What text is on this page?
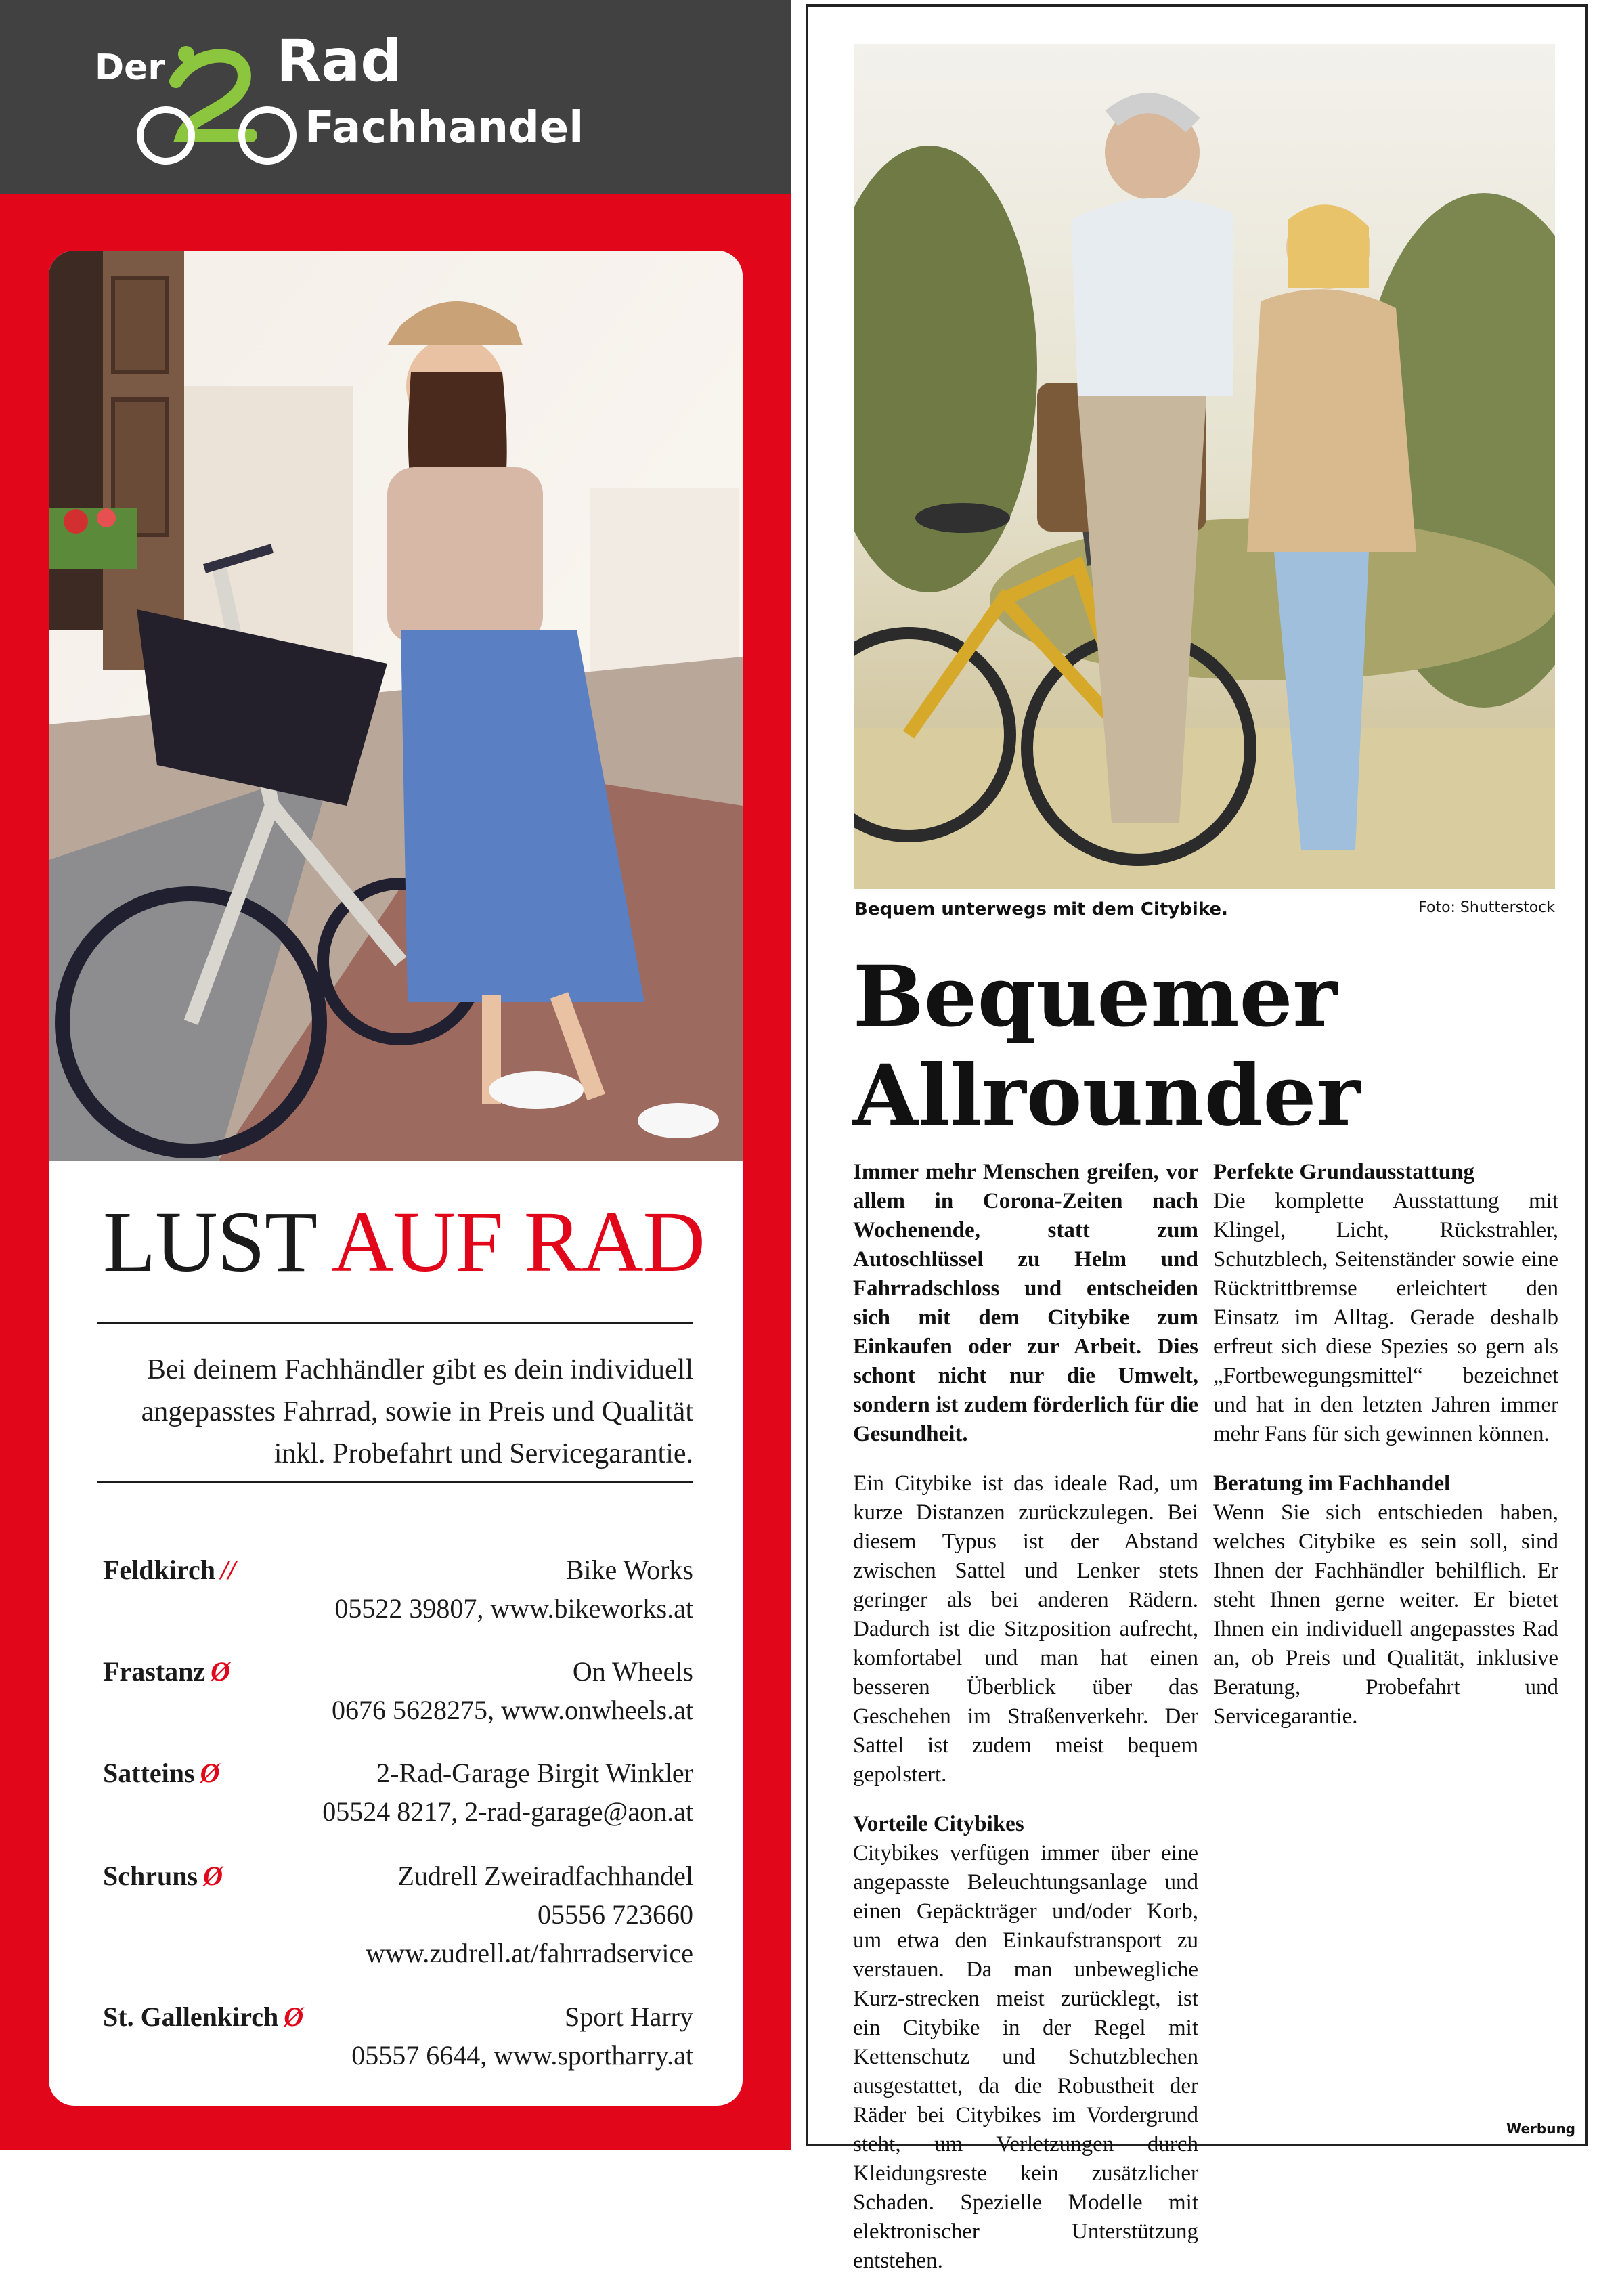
Der Rad
Fachhandel
LUST AUF RAD
Bei deinem Fachhändler gibt es dein individuell angepasstes Fahrrad, sowie in Preis und Qualität inkl. Probefahrt und Servicegarantie.
Feldkirch //	Bike Works
05522 39807, www.bikeworks.at
Frastanz Ø	On Wheels
0676 5628275, www.onwheels.at
Satteins Ø	2-Rad-Garage Birgit Winkler
05524 8217, 2-rad-garage@aon.at
Schruns Ø	Zudrell Zweiradfachhandel
05556 723660
www.zudrell.at/fahrradservice
St. Gallenkirch Ø	Sport Harry
05557 6644, www.sportharry.at
Bequem unterwegs mit dem Citybike.	Foto: Shutterstock
Bequemer
Allrounder

Immer mehr Menschen greifen, vor allem in Corona-Zeiten nach Wochenende, statt zum Autoschlüssel zu Helm und Fahrradschloss und entscheiden sich mit dem Citybike zum Einkaufen oder zur Arbeit. Dies schont nicht nur die Umwelt, sondern ist zudem förderlich für die Gesundheit.

Ein Citybike ist das ideale Rad, um kurze Distanzen zurückzulegen. Bei diesem Typus ist der Abstand zwischen Sattel und Lenker stets geringer als bei anderen Rädern. Dadurch ist die Sitzposition aufrecht, komfortabel und man hat einen besseren Überblick über das Geschehen im Straßenverkehr. Der Sattel ist zudem meist bequem gepolstert.

Vorteile Citybikes
Citybikes verfügen immer über eine angepasste Beleuchtungsanlage und einen Gepäckträger und/oder Korb, um etwa den Einkaufstransport zu verstauen. Da man unbewegliche Kurz-strecken meist zurücklegt, ist ein Citybike in der Regel mit Kettenschutz und Schutzblechen ausgestattet, da die Robustheit der Räder bei Citybikes im Vordergrund steht, um Verletzungen durch Kleidungsreste kein zusätzlicher Schaden. Spezielle Modelle mit elektronischer Unterstützung entstehen.

Perfekte Grundausstattung
Die komplette Ausstattung mit Klingel, Licht, Rückstrahler, Schutzblech, Seitenständer sowie eine Rücktrittbremse erleichtert den Einsatz im Alltag. Gerade deshalb erfreut sich diese Spezies so gern als „Fortbewegungsmittel“ bezeichnet und hat in den letzten Jahren immer mehr Fans für sich gewinnen können.

Beratung im Fachhandel
Wenn Sie sich entschieden haben, welches Citybike es sein soll, sind Ihnen der Fachhändler behilflich. Er steht Ihnen gerne weiter. Er bietet Ihnen ein individuell angepasstes Rad an, ob Preis und Qualität, inklusive Beratung, Probefahrt und Servicegarantie.

Werbung
